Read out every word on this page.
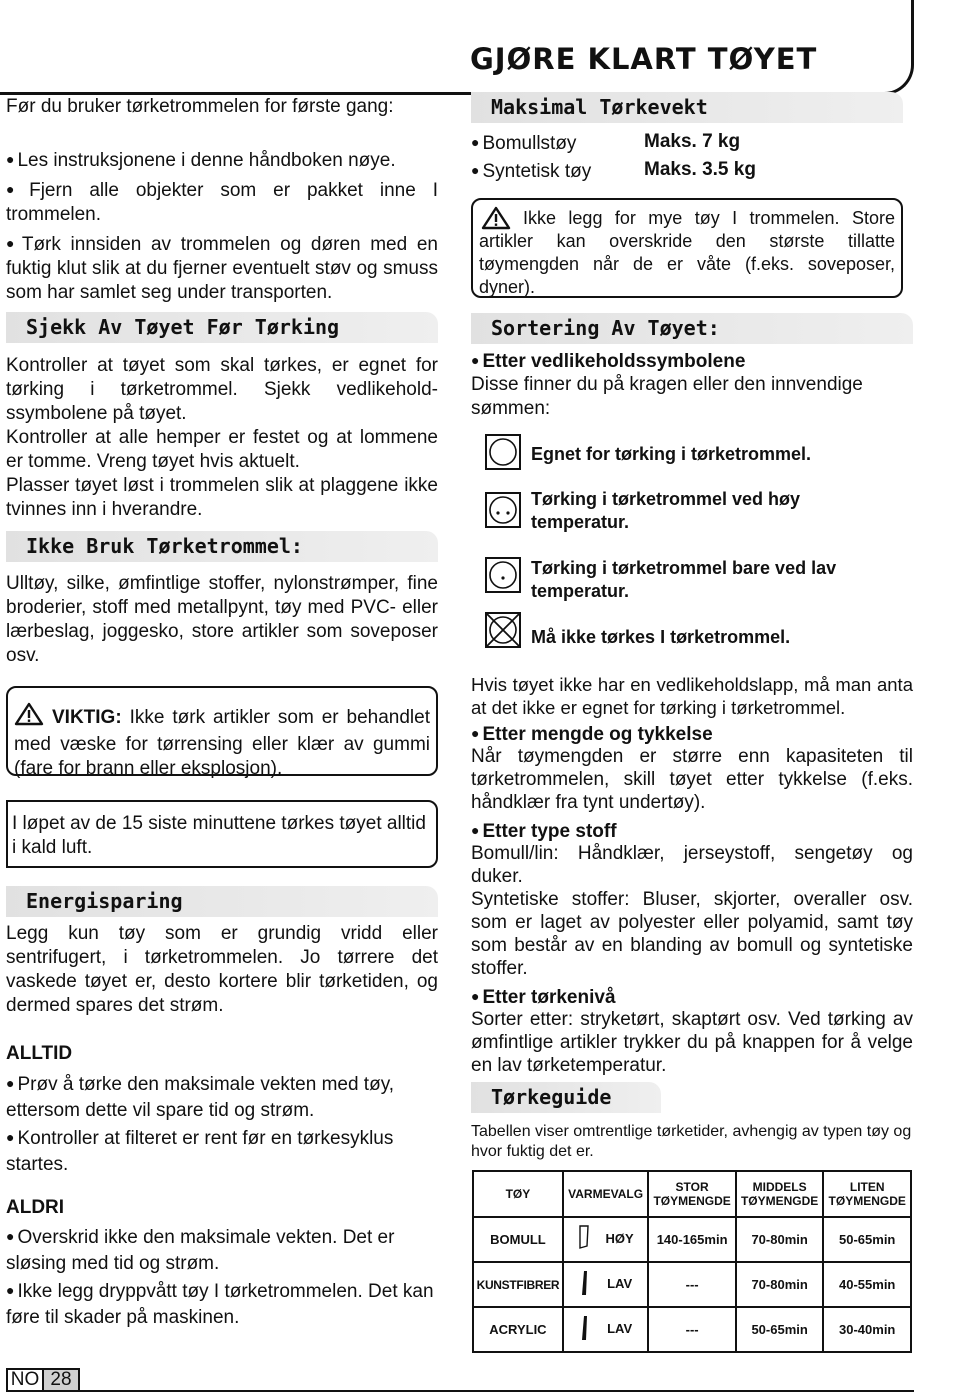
GJØRE KLART TØYET
Før du bruker tørketrommelen for første gang:
● Les instruksjonene i denne håndboken nøye.
● Fjern alle objekter som er pakket inne I trommelen.
● Tørk innsiden av trommelen og døren med en fuktig klut slik at du fjerner eventuelt støv og smuss som har samlet seg under transporten.
Sjekk Av Tøyet Før Tørking
Kontroller at tøyet som skal tørkes, er egnet for tørking i tørketrommel. Sjekk vedlikehold-ssymbolene på tøyet.
Kontroller at alle hemper er festet og at lommene er tomme. Vreng tøyet hvis aktuelt.
Plasser tøyet løst i trommelen slik at plaggene ikke tvinnes inn i hverandre.
Ikke Bruk Tørketrommel:
Ulltøy, silke, ømfintlige stoffer, nylonstrømper, fine broderier, stoff med metallpynt, tøy med PVC- eller lærbeslag, joggesko, store artikler som soveposer osv.
VIKTIG: Ikke tørk artikler som er behandlet med væske for tørrensing eller klær av gummi (fare for brann eller eksplosjon).
I løpet av de 15 siste minuttene tørkes tøyet alltid i kald luft.
Energisparing
Legg kun tøy som er grundig vridd eller sentrifugert, i tørketrommelen. Jo tørrere det vaskede tøyet er, desto kortere blir tørketiden, og dermed spares det strøm.
ALLTID
● Prøv å tørke den maksimale vekten med tøy, ettersom dette vil spare tid og strøm.
● Kontroller at filteret er rent før en tørkesyklus startes.
ALDRI
● Overskrid ikke den maksimale vekten. Det er sløsing med tid og strøm.
● Ikke legg dryppvått tøy I tørketrommelen. Det kan føre til skader på maskinen.
Maksimal Tørkevekt
● Bomullstøy	Maks. 7 kg
● Syntetisk tøy	Maks. 3.5 kg
Ikke legg for mye tøy I trommelen. Store artikler kan overskride den største tillatte tøymengden når de er våte (f.eks. soveposer, dyner).
Sortering Av Tøyet:
● Etter vedlikeholdssymbolene
Disse finner du på kragen eller den innvendige sømmen:
Egnet for tørking i tørketrommel.
Tørking i tørketrommel ved høy temperatur.
Tørking i tørketrommel bare ved lav temperatur.
Må ikke tørkes I tørketrommel.
Hvis tøyet ikke har en vedlikeholdslapp, må man anta at det ikke er egnet for tørking i tørketrommel.
● Etter mengde og tykkelse
Når tøymengden er større enn kapasiteten til tørketrommelen, skill tøyet etter tykkelse (f.eks. håndklær fra tynt undertøy).
● Etter type stoff
Bomull/lin: Håndklær, jerseystoff, sengetøy og duker.
Syntetiske stoffer: Bluser, skjorter, overaller osv. som er laget av polyester eller polyamid, samt tøy som består av en blanding av bomull og syntetiske stoffer.
● Etter tørkenivå
Sorter etter: stryketørt, skaptørt osv. Ved tørking av ømfintlige artikler trykker du på knappen for å velge en lav tørketemperatur.
Tørkeguide
Tabellen viser omtrentlige tørketider, avhengig av typen tøy og hvor fuktig det er.
TØY	VARMEVALG	STOR TØYMENGDE	MIDDELS TØYMENGDE	LITEN TØYMENGDE
BOMULL	HØY	140-165min	70-80min	50-65min
KUNSTFIBRER	LAV	---	70-80min	40-55min
ACRYLIC	LAV	---	50-65min	30-40min
NO 28
